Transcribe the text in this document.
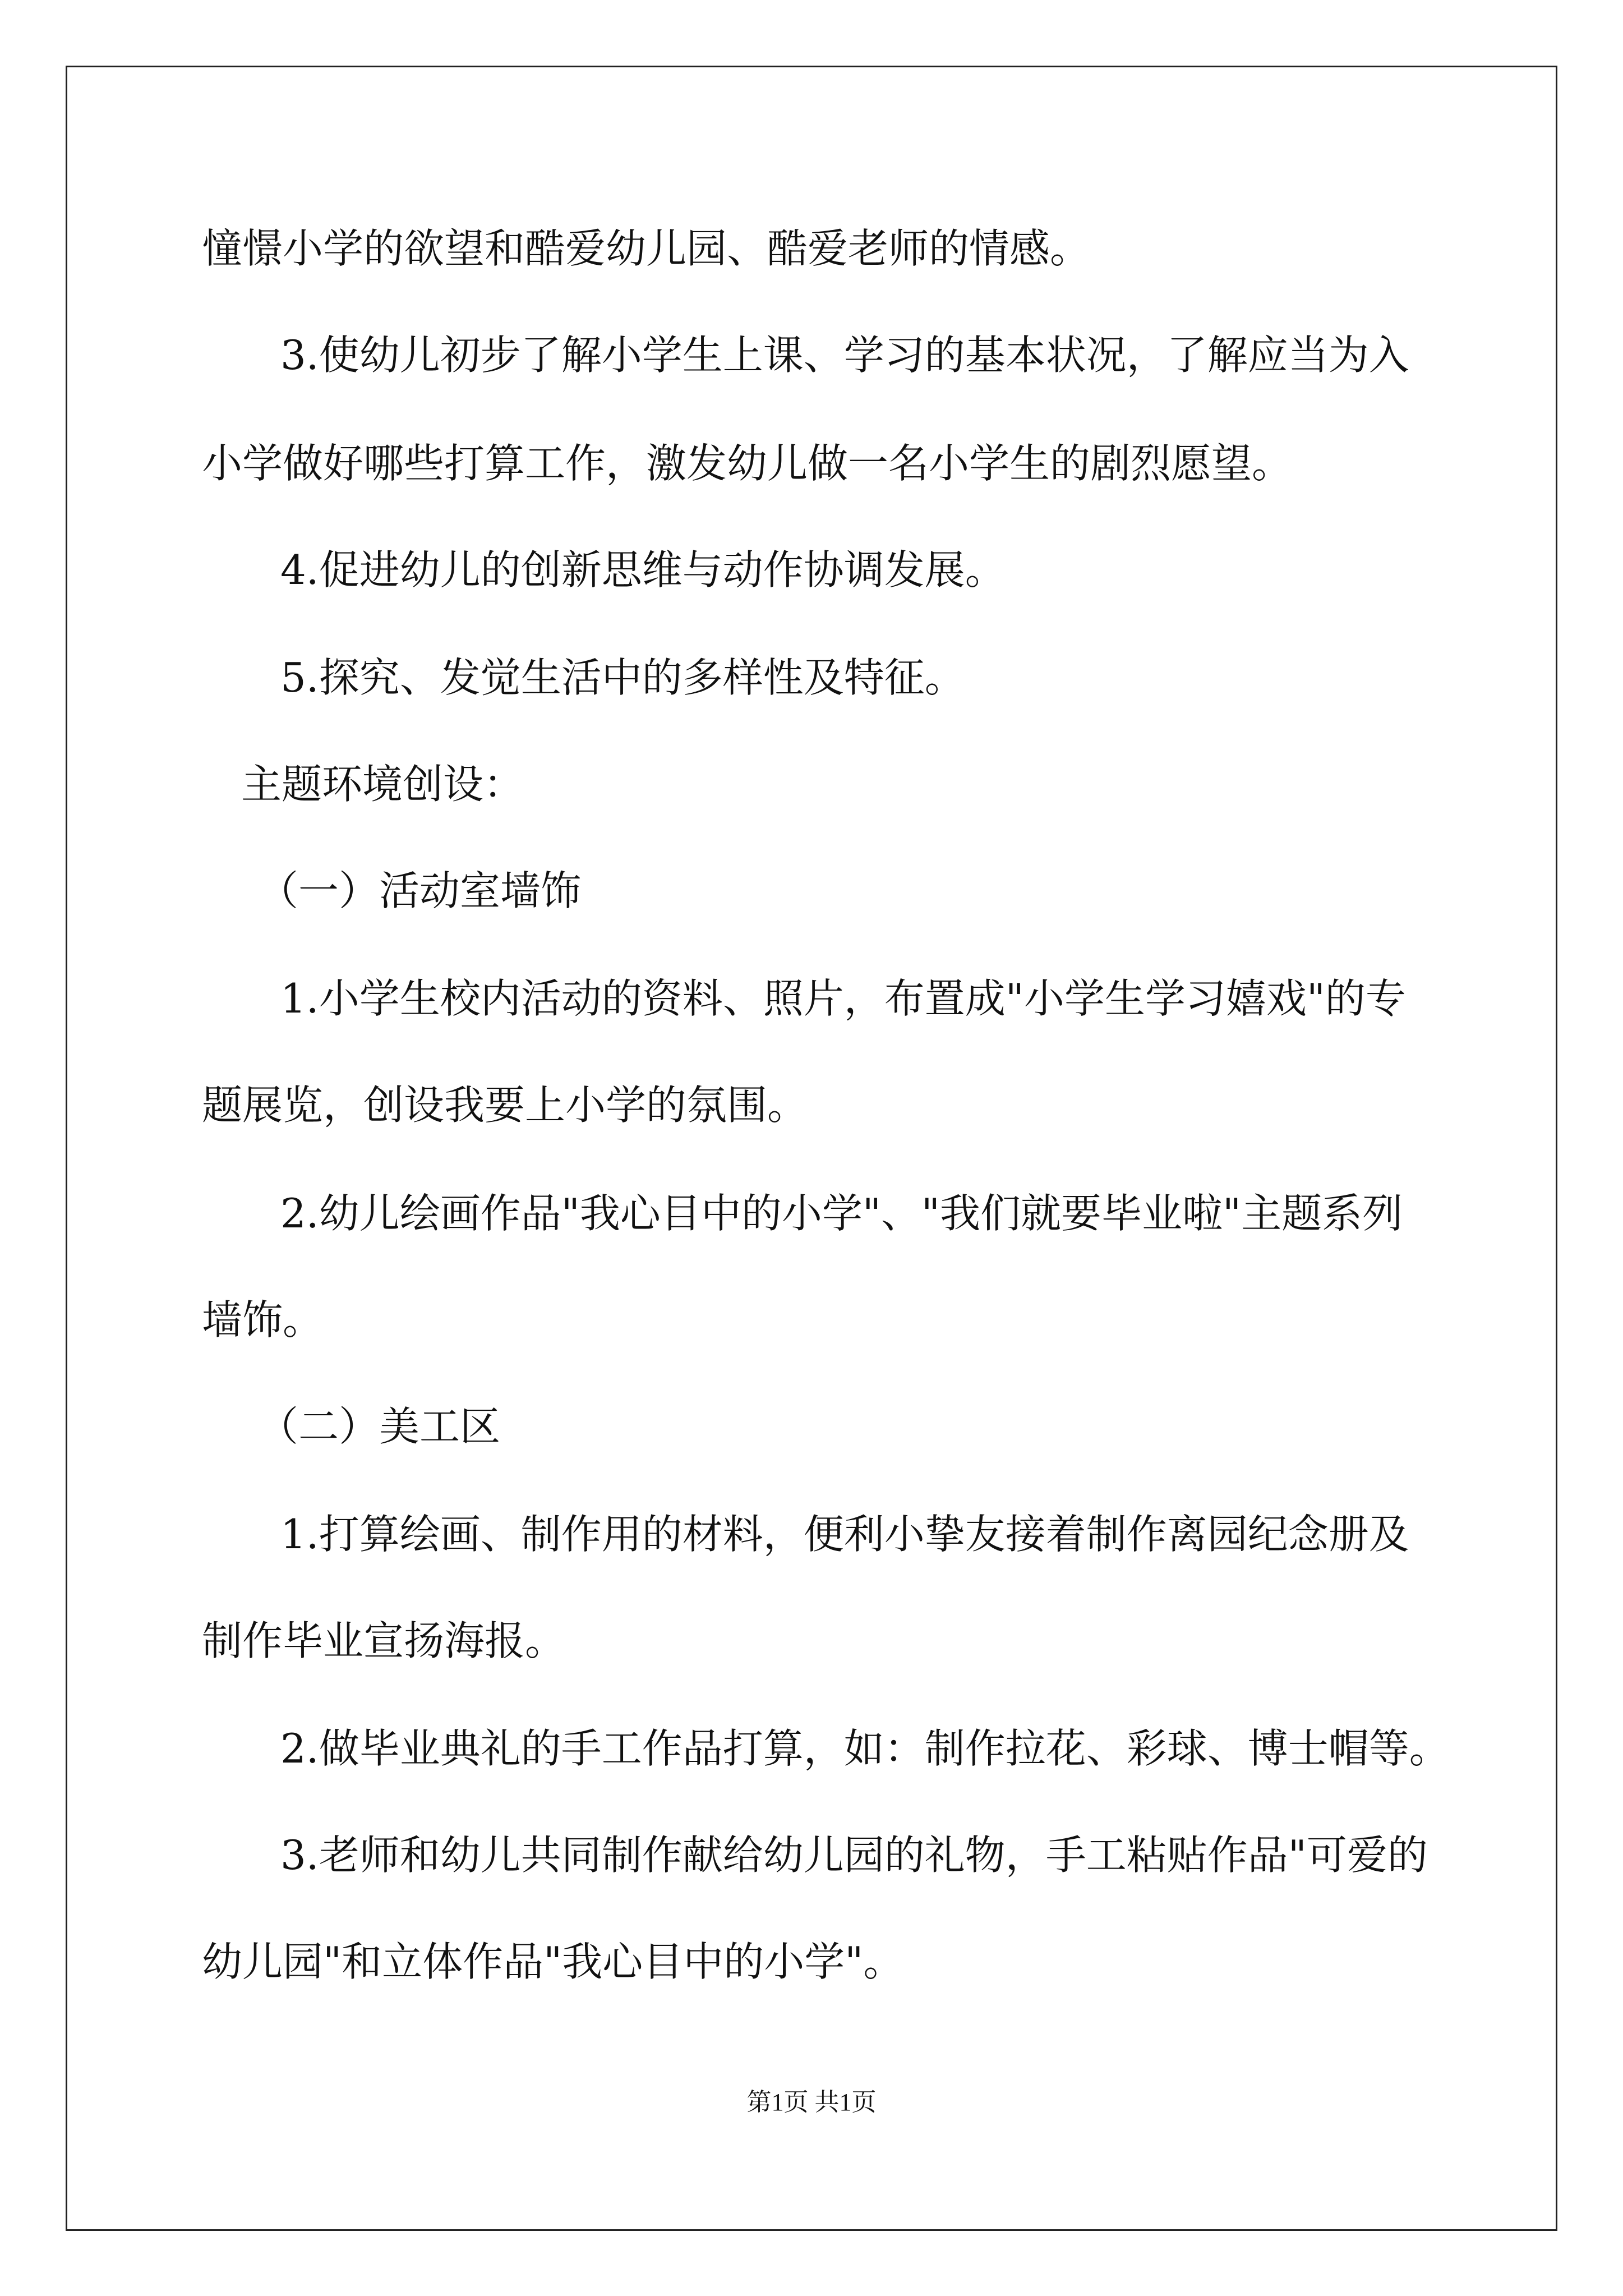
憧憬小学的欲望和酷爱幼儿园、酷爱老师的情感。
3.使幼儿初步了解小学生上课、学习的基本状况，了解应当为入
小学做好哪些打算工作，激发幼儿做一名小学生的剧烈愿望。
4.促进幼儿的创新思维与动作协调发展。
5.探究、发觉生活中的多样性及特征。
主题环境创设：
（一）活动室墙饰
1.小学生校内活动的资料、照片，布置成"小学生学习嬉戏"的专
题展览，创设我要上小学的氛围。
2.幼儿绘画作品"我心目中的小学"、"我们就要毕业啦"主题系列
墙饰。
（二）美工区
1.打算绘画、制作用的材料，便利小挚友接着制作离园纪念册及
制作毕业宣扬海报。
2.做毕业典礼的手工作品打算，如：制作拉花、彩球、博士帽等。
3.老师和幼儿共同制作献给幼儿园的礼物，手工粘贴作品"可爱的
幼儿园"和立体作品"我心目中的小学"。
第1页 共1页
